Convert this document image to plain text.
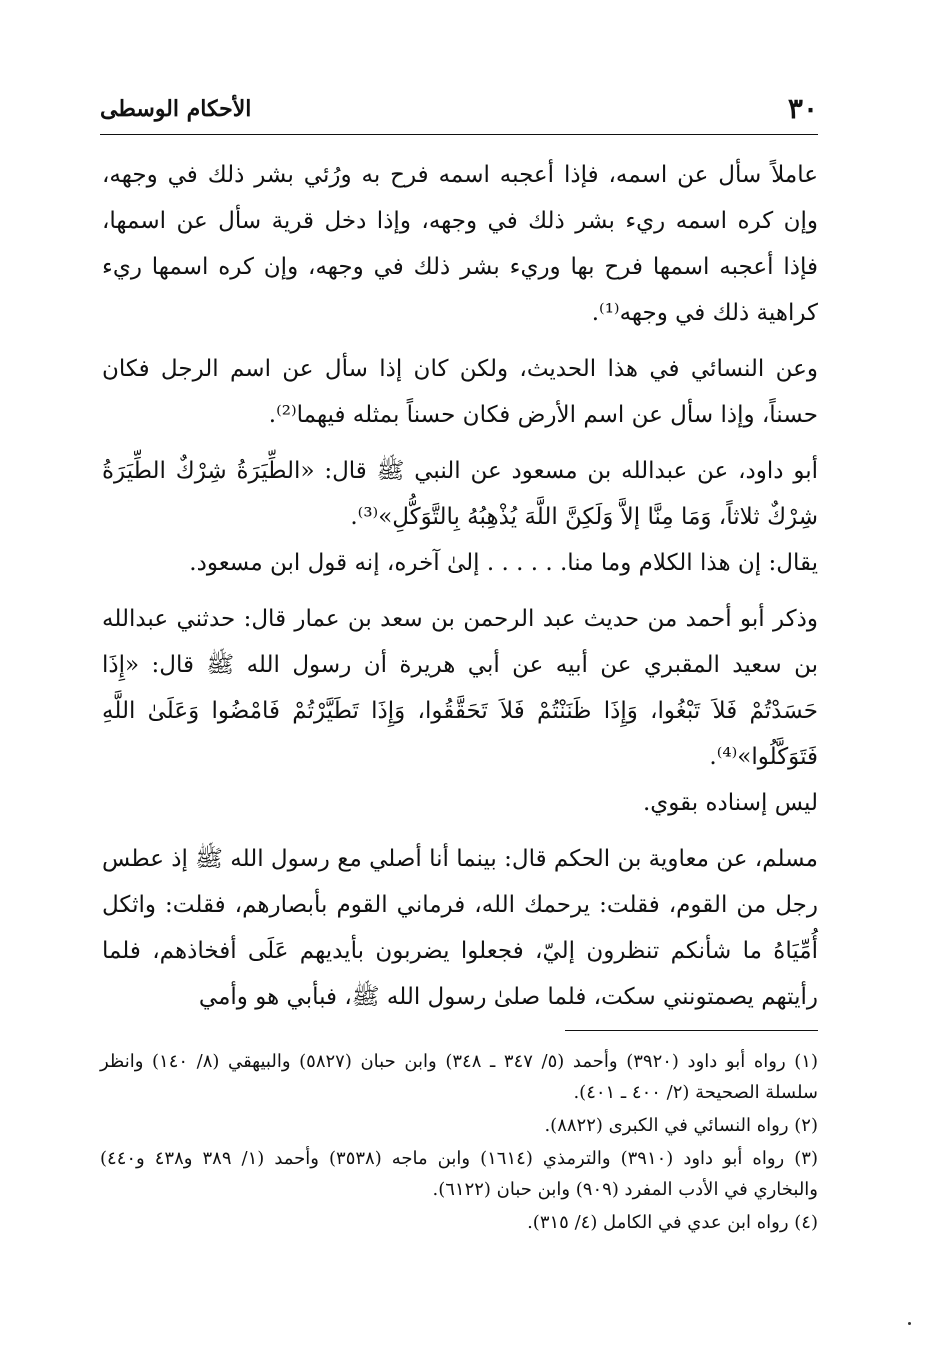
٣٠
الأحكام الوسطى

عاملاً سأل عن اسمه، فإذا أعجبه اسمه فرح به ورُئي بشر ذلك في وجهه، وإن كره اسمه ريء بشر ذلك في وجهه، وإذا دخل قرية سأل عن اسمها، فإذا أعجبه اسمها فرح بها وريء بشر ذلك في وجهه، وإن كره اسمها ريء كراهية ذلك في وجهه⁽¹⁾.

وعن النسائي في هذا الحديث، ولكن كان إذا سأل عن اسم الرجل فكان حسناً، وإذا سأل عن اسم الأرض فكان حسناً بمثله فيهما⁽²⁾.

أبو داود، عن عبدالله بن مسعود عن النبي ﷺ قال: «الطِّيَرَةُ شِرْكٌ الطِّيَرَةُ شِرْكٌ ثلاثاً، وَمَا مِنَّا إلاَّ وَلَكِنَّ اللَّهَ يُذْهِبُهُ بِالتَّوَكُّلِ»⁽³⁾.

يقال: إن هذا الكلام وما منا. . . . . . إلىٰ آخره، إنه قول ابن مسعود.

وذكر أبو أحمد من حديث عبد الرحمن بن سعد بن عمار قال: حدثني عبدالله بن سعيد المقبري عن أبيه عن أبي هريرة أن رسول الله ﷺ قال: «إِذَا حَسَدْتُمْ فَلاَ تَبْغُوا، وَإِذَا ظَنَنْتُمْ فَلاَ تَحَقَّقُوا، وَإِذَا تَطَيَّرْتُمْ فَامْضُوا وَعَلَىٰ اللَّهِ فَتَوَكَّلُوا»⁽⁴⁾.

ليس إسناده بقوي.

مسلم، عن معاوية بن الحكم قال: بينما أنا أصلي مع رسول الله ﷺ إذ عطس رجل من القوم، فقلت: يرحمك الله، فرماني القوم بأبصارهم، فقلت: واثكل أُمِّيَاهُ ما شأنكم تنظرون إليّ، فجعلوا يضربون بأيديهم عَلَى أفخاذهم، فلما رأيتهم يصمتونني سكت، فلما صلىٰ رسول الله ﷺ، فبأبي هو وأمي

(١) رواه أبو داود (٣٩٢٠) وأحمد (٥/ ٣٤٧ ـ ٣٤٨) وابن حبان (٥٨٢٧) والبيهقي (٨/ ١٤٠) وانظر سلسلة الصحيحة (٢/ ٤٠٠ ـ ٤٠١).
(٢) رواه النسائي في الكبرى (٨٨٢٢).
(٣) رواه أبو داود (٣٩١٠) والترمذي (١٦١٤) وابن ماجه (٣٥٣٨) وأحمد (١/ ٣٨٩ و٤٣٨ و٤٤٠) والبخاري في الأدب المفرد (٩٠٩) وابن حبان (٦١٢٢).
(٤) رواه ابن عدي في الكامل (٤/ ٣١٥).
